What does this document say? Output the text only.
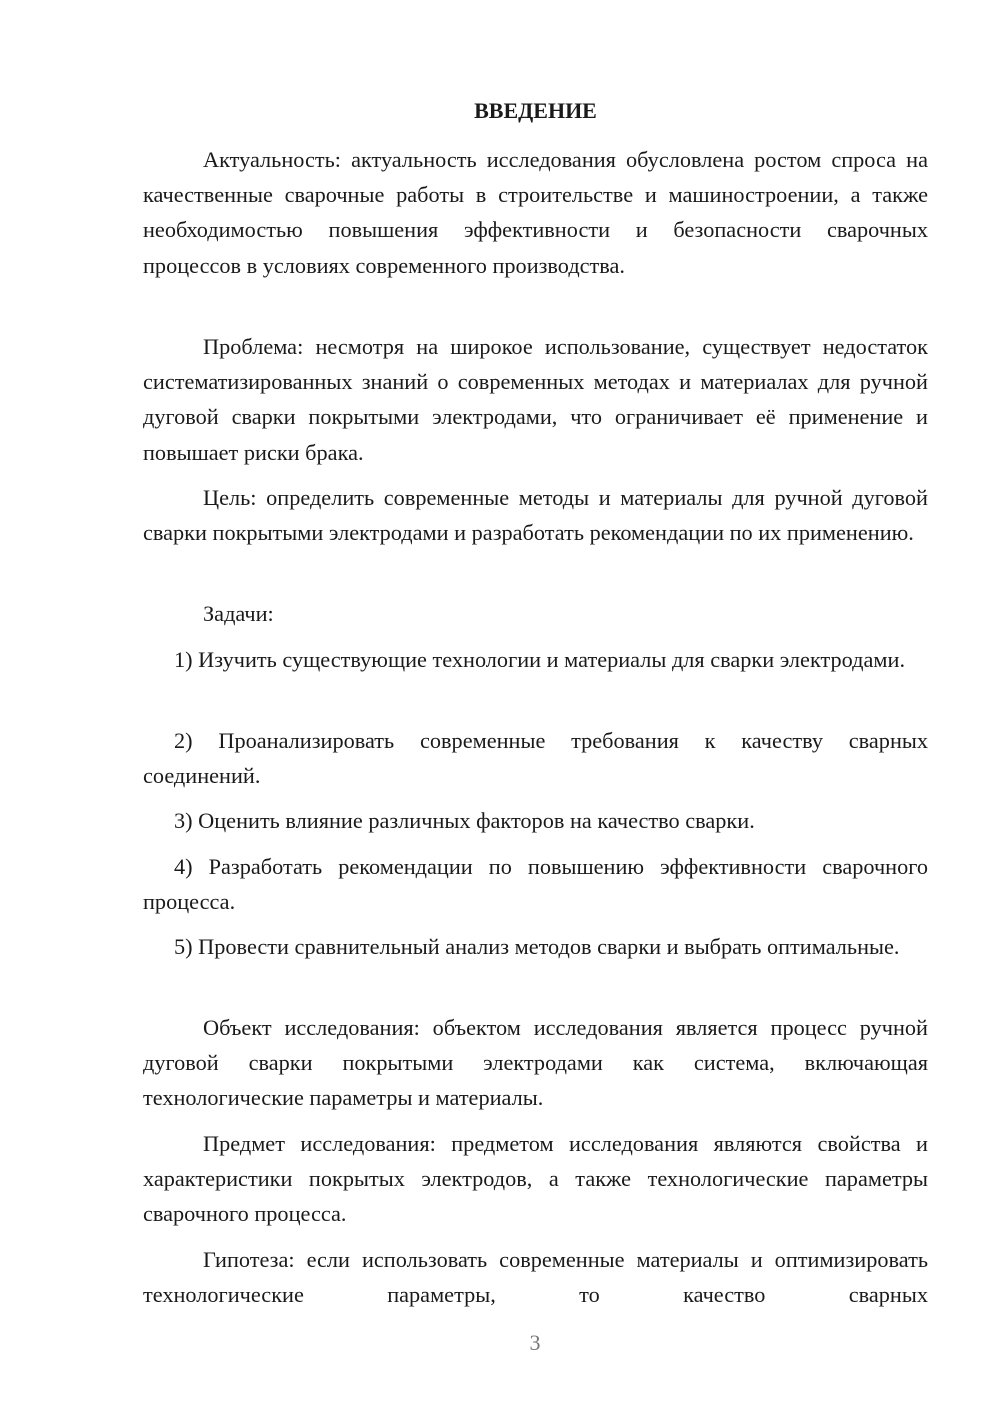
ВВЕДЕНИЕ

Актуальность: актуальность исследования обусловлена ростом спроса на качественные сварочные работы в строительстве и машиностроении, а также необходимостью повышения эффективности и безопасности сварочных процессов в условиях современного производства.

Проблема: несмотря на широкое использование, существует недостаток систематизированных знаний о современных методах и материалах для ручной дуговой сварки покрытыми электродами, что ограничивает её применение и повышает риски брака.

Цель: определить современные методы и материалы для ручной дуговой сварки покрытыми электродами и разработать рекомендации по их применению.

Задачи:

1) Изучить существующие технологии и материалы для сварки электродами.

2) Проанализировать современные требования к качеству сварных соединений.

3) Оценить влияние различных факторов на качество сварки.

4) Разработать рекомендации по повышению эффективности сварочного процесса.

5) Провести сравнительный анализ методов сварки и выбрать оптимальные.

Объект исследования: объектом исследования является процесс ручной дуговой сварки покрытыми электродами как система, включающая технологические параметры и материалы.

Предмет исследования: предметом исследования являются свойства и характеристики покрытых электродов, а также технологические параметры сварочного процесса.

Гипотеза: если использовать современные материалы и оптимизировать технологические параметры, то качество сварных

3
